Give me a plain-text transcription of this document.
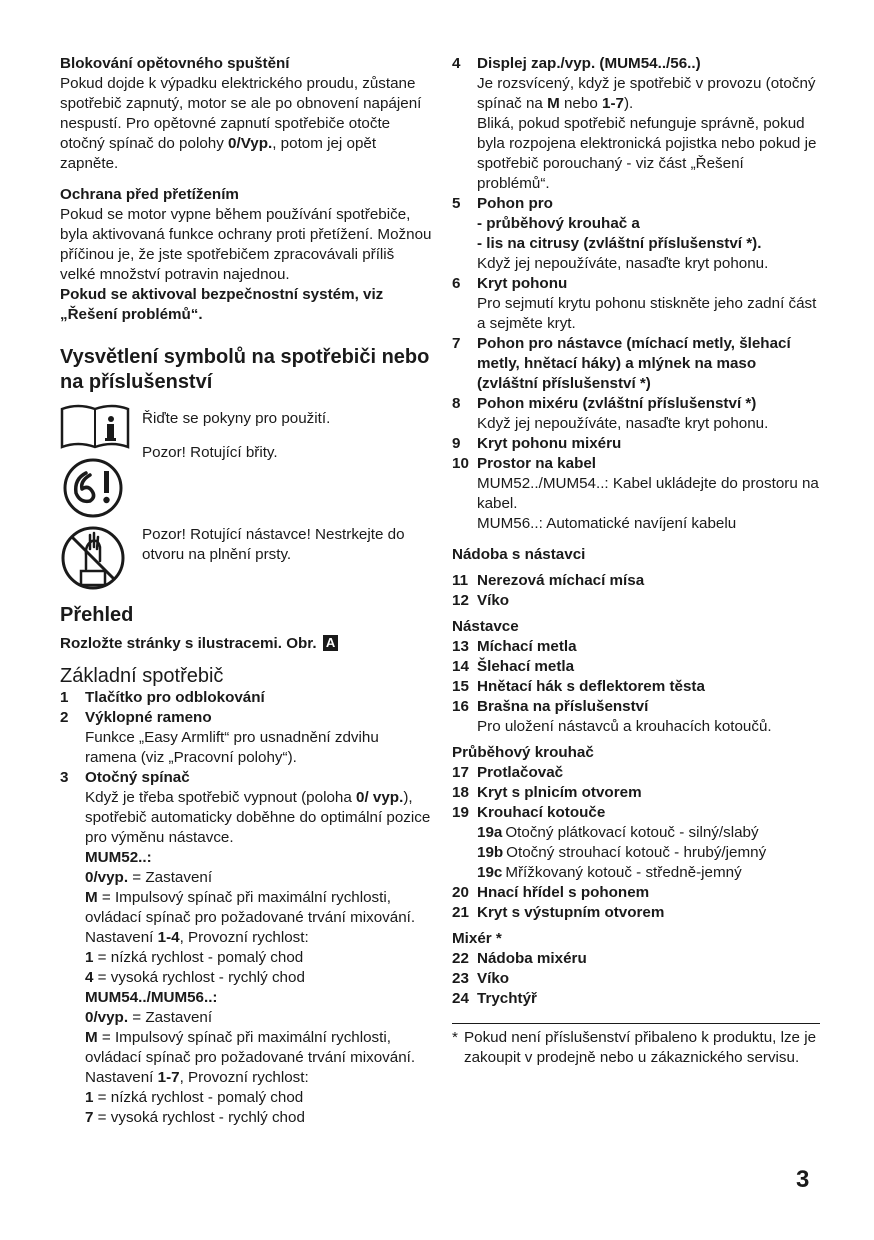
Blokování opětovného spuštění
Pokud dojde k výpadku elektrického proudu, zůstane spotřebič zapnutý, motor se ale po obnovení napájení nespustí. Pro opětovné zapnutí spotřebiče otočte otočný spínač do polohy 0/Vyp., potom jej opět zapněte.
Ochrana před přetížením
Pokud se motor vypne během používání spotřebiče, byla aktivovaná funkce ochrany proti přetížení. Možnou příčinou je, že jste spotřebičem zpracovávali příliš velké množství potravin najednou.
Pokud se aktivoval bezpečnostní systém, viz „Řešení problémů“.
Vysvětlení symbolů na spotřebiči nebo na příslušenství
Řiďte se pokyny pro použití.
Pozor! Rotující břity.
Pozor! Rotující nástavce! Nestrkejte do otvoru na plnění prsty.
Přehled
Rozložte stránky s ilustracemi. Obr. A
Základní spotřebič
1	Tlačítko pro odblokování
2	Výklopné rameno
Funkce „Easy Armlift“ pro usnadnění zdvihu ramena (viz „Pracovní polohy“).
3	Otočný spínač
Když je třeba spotřebič vypnout (poloha 0/ vyp.), spotřebič automaticky doběhne do optimální pozice pro výměnu nástavce.
MUM52..:
0/vyp. = Zastavení
M = Impulsový spínač při maximální rychlosti, ovládací spínač pro požadované trvání mixování. Nastavení 1-4, Provozní rychlost:
1 = nízká rychlost - pomalý chod
4 = vysoká rychlost - rychlý chod
MUM54../MUM56..:
0/vyp. = Zastavení
M = Impulsový spínač při maximální rychlosti, ovládací spínač pro požadované trvání mixování. Nastavení 1-7, Provozní rychlost:
1 = nízká rychlost - pomalý chod
7 = vysoká rychlost - rychlý chod
4	Displej zap./vyp. (MUM54../56..)
Je rozsvícený, když je spotřebič v provozu (otočný spínač na M nebo 1-7).
Bliká, pokud spotřebič nefunguje správně, pokud byla rozpojena elektronická pojistka nebo pokud je spotřebič porouchaný - viz část „Řešení problémů“.
5	Pohon pro
- průběhový krouhač a
- lis na citrusy (zvláštní příslušenství *).
Když jej nepoužíváte, nasaďte kryt pohonu.
6	Kryt pohonu
Pro sejmutí krytu pohonu stiskněte jeho zadní část a sejměte kryt.
7	Pohon pro nástavce (míchací metly, šlehací metly, hnětací háky) a mlýnek na maso (zvláštní příslušenství *)
8	Pohon mixéru (zvláštní příslušenství *)
Když jej nepoužíváte, nasaďte kryt pohonu.
9	Kryt pohonu mixéru
10 Prostor na kabel
MUM52../MUM54..: Kabel ukládejte do prostoru na kabel.
MUM56..: Automatické navíjení kabelu
Nádoba s nástavci
11 Nerezová míchací mísa
12 Víko
Nástavce
13 Míchací metla
14 Šlehací metla
15 Hnětací hák s deflektorem těsta
16 Brašna na příslušenství
Pro uložení nástavců a krouhacích kotoučů.
Průběhový krouhač
17 Protlačovač
18 Kryt s plnicím otvorem
19 Krouhací kotouče
19a Otočný plátkovací kotouč - silný/slabý
19b Otočný strouhací kotouč - hrubý/jemný
19c Mřížkovaný kotouč - středně-jemný
20 Hnací hřídel s pohonem
21 Kryt s výstupním otvorem
Mixér *
22 Nádoba mixéru
23 Víko
24 Trychtýř
* Pokud není příslušenství přibaleno k produktu, lze je zakoupit v prodejně nebo u zákaznického servisu.
3
